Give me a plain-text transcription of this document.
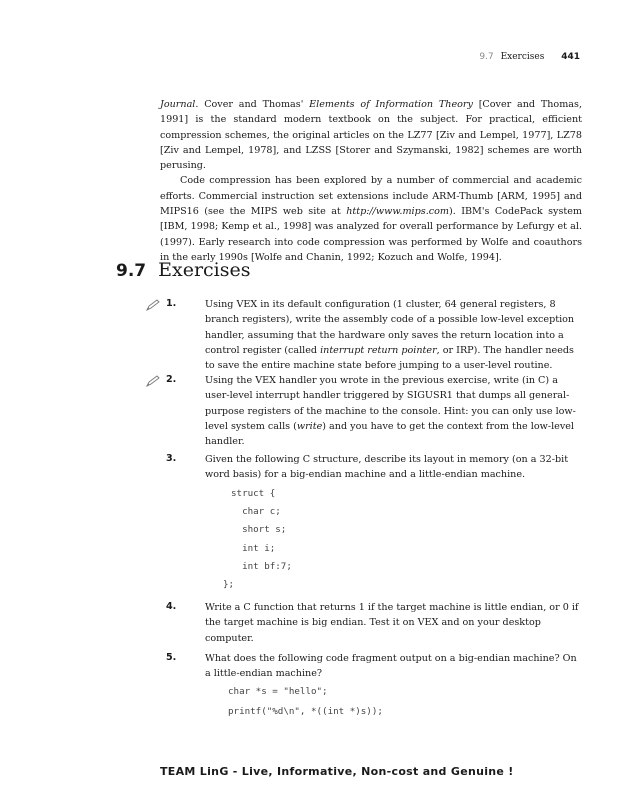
9.7 Exercises 441

Journal. Cover and Thomas' Elements of Information Theory [Cover and Thomas, 1991] is the standard modern textbook on the subject. For practical, efficient compression schemes, the original articles on the LZ77 [Ziv and Lempel, 1977], LZ78 [Ziv and Lempel, 1978], and LZSS [Storer and Szymanski, 1982] schemes are worth perusing.

Code compression has been explored by a number of commercial and academic efforts. Commercial instruction set extensions include ARM-Thumb [ARM, 1995] and MIPS16 (see the MIPS web site at http://www.mips.com). IBM's CodePack system [IBM, 1998; Kemp et al., 1998] was analyzed for overall performance by Lefurgy et al. (1997). Early research into code compression was performed by Wolfe and coauthors in the early 1990s [Wolfe and Chanin, 1992; Kozuch and Wolfe, 1994].

9.7 Exercises
1.	Using VEX in its default configuration (1 cluster, 64 general registers, 8 branch registers), write the assembly code of a possible low-level exception handler, assuming that the hardware only saves the return location into a control register (called interrupt return pointer, or IRP). The handler needs to save the entire machine state before jumping to a user-level routine.

2.	Using the VEX handler you wrote in the previous exercise, write (in C) a user-level interrupt handler triggered by SIGUSR1 that dumps all general-purpose registers of the machine to the console. Hint: you can only use low-level system calls (write) and you have to get the context from the low-level handler.

3.	Given the following C structure, describe its layout in memory (on a 32-bit word basis) for a big-endian machine and a little-endian machine.

struct {
char c;
short s;
int i;
int bf:7;
};
4.	Write a C function that returns 1 if the target machine is little endian, or 0 if the target machine is big endian. Test it on VEX and on your desktop computer.

5.	What does the following code fragment output on a big-endian machine? On a little-endian machine?

char *s = "hello";
printf("%d\n", *((int *)s));
TEAM LinG - Live, Informative, Non-cost and Genuine !
